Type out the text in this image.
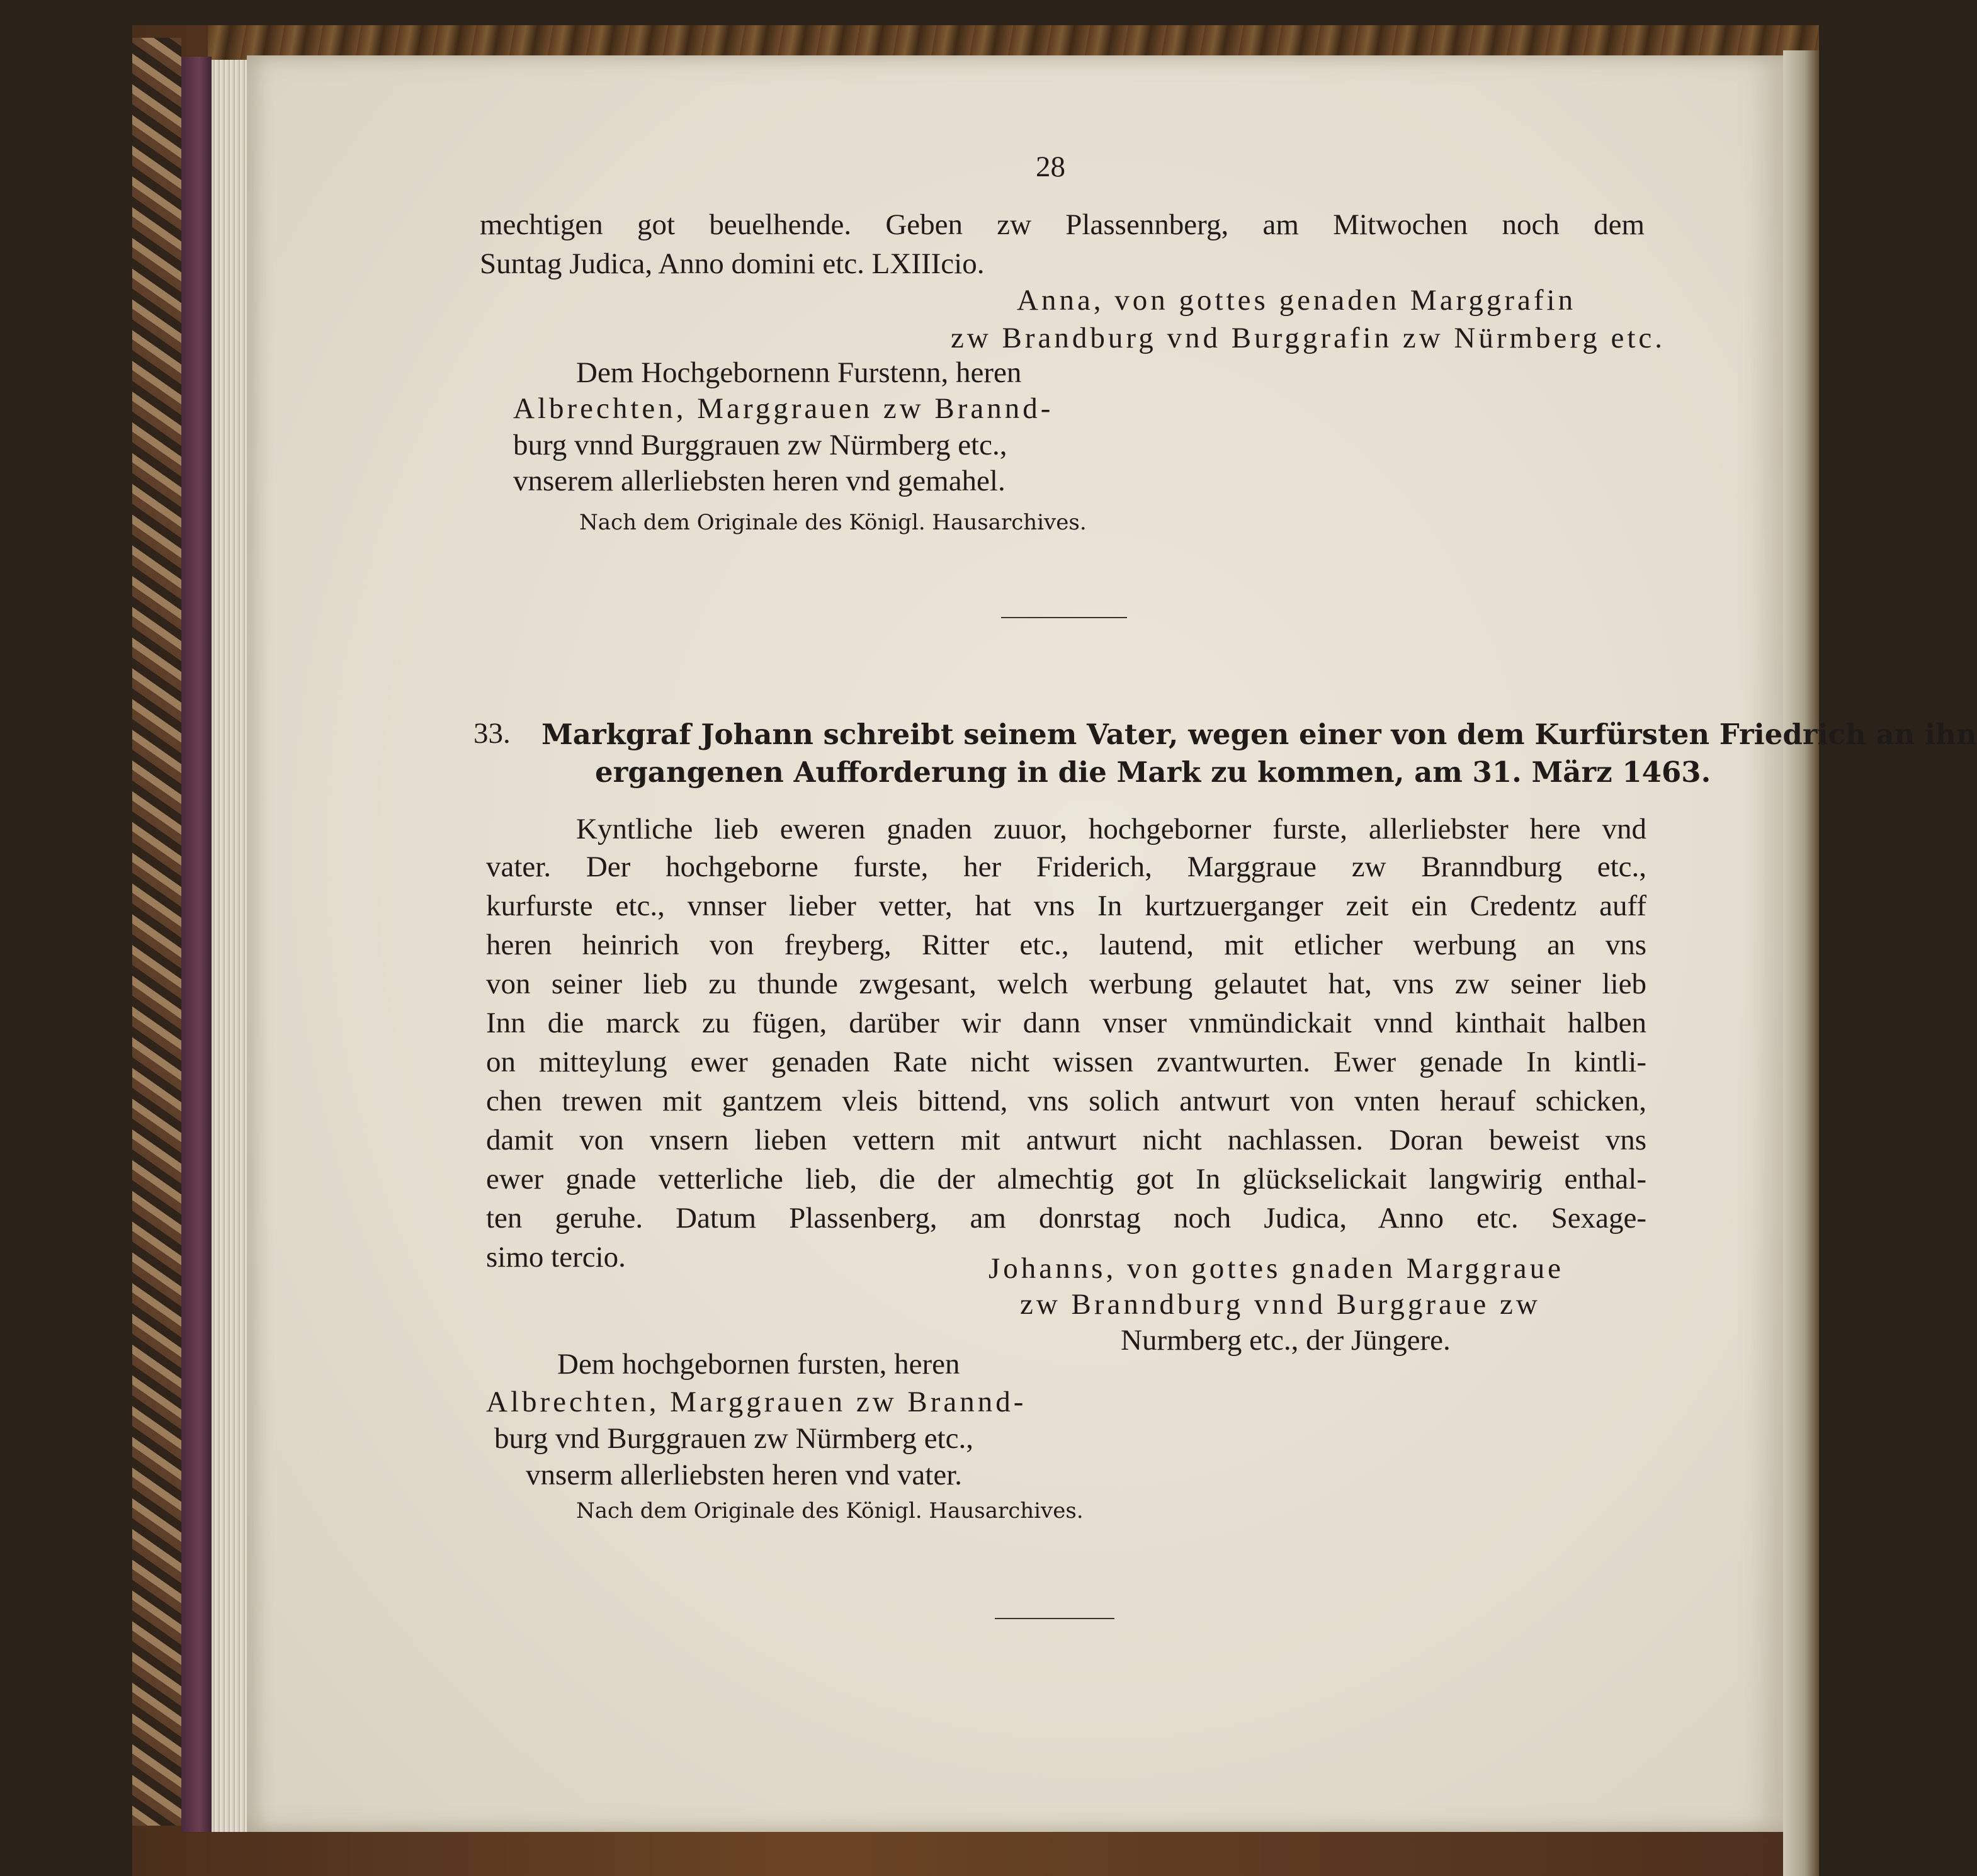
28
mechtigen got beuelhende. Geben zw Plassennberg, am Mitwochen noch dem
Suntag Judica, Anno domini etc. LXIIIcio.
Anna, von gottes genaden Marggrafin
zw Brandburg vnd Burggrafin zw Nürmberg etc.
Dem Hochgebornenn Furstenn, heren
Albrechten, Marggrauen zw Brannd-
burg vnnd Burggrauen zw Nürmberg etc.,
vnserem allerliebsten heren vnd gemahel.
Nach dem Originale des Königl. Hausarchives.
33. Markgraf Johann schreibt seinem Vater, wegen einer von dem Kurfürsten Friedrich an ihn
ergangenen Aufforderung in die Mark zu kommen, am 31. März 1463.
Kyntliche lieb eweren gnaden zuuor, hochgeborner furste, allerliebster here vnd
vater. Der hochgeborne furste, her Friderich, Marggraue zw Branndburg etc.,
kurfurste etc., vnnser lieber vetter, hat vns In kurtzuerganger zeit ein Credentz auff
heren heinrich von freyberg, Ritter etc., lautend, mit etlicher werbung an vns
von seiner lieb zu thunde zwgesant, welch werbung gelautet hat, vns zw seiner lieb
Inn die marck zu fügen, darüber wir dann vnser vnmündickait vnnd kinthait halben
on mitteylung ewer genaden Rate nicht wissen zvantwurten. Ewer genade In kintli-
chen trewen mit gantzem vleis bittend, vns solich antwurt von vnten herauf schicken,
damit von vnsern lieben vettern mit antwurt nicht nachlassen. Doran beweist vns
ewer gnade vetterliche lieb, die der almechtig got In glückselickait langwirig enthal-
ten geruhe. Datum Plassenberg, am donrstag noch Judica, Anno etc. Sexage-
simo tercio.	Johanns, von gottes gnaden Marggraue
zw Branndburg vnnd Burggraue zw
Nurmberg etc., der Jüngere.
Dem hochgebornen fursten, heren
Albrechten, Marggrauen zw Brannd-
burg vnd Burggrauen zw Nürmberg etc.,
vnserm allerliebsten heren vnd vater.
Nach dem Originale des Königl. Hausarchives.
